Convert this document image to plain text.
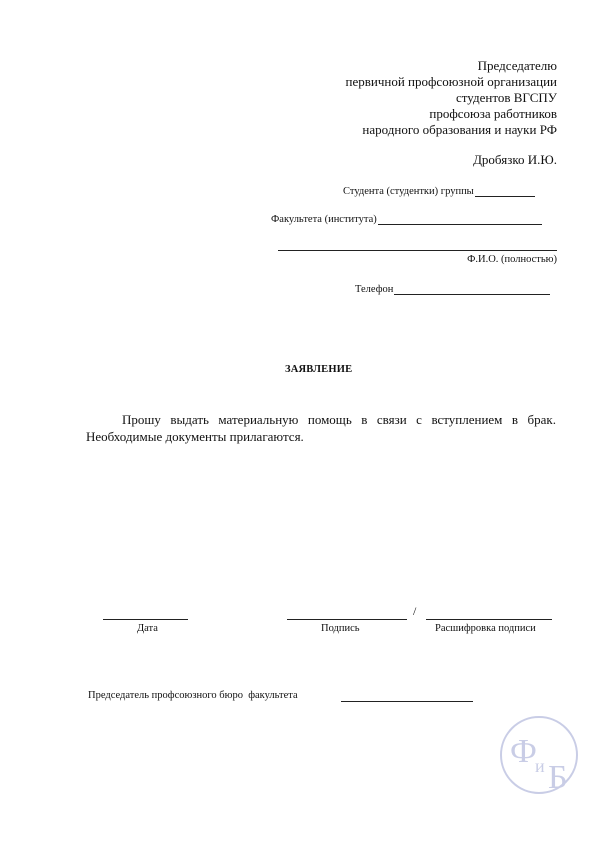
Председателю
первичной профсоюзной организации
студентов ВГСПУ
профсоюза работников
народного образования и науки РФ
Дробязко И.Ю.
Студента (студентки) группы
Факультета (института)
Ф.И.О. (полностью)
Телефон
ЗАЯВЛЕНИЕ
Прошу выдать материальную помощь в связи с вступлением в брак. Необходимые документы прилагаются.
/
Дата	Подпись	Расшифровка подписи
Председатель профсоюзного бюро  факультета
Ф
и Б
